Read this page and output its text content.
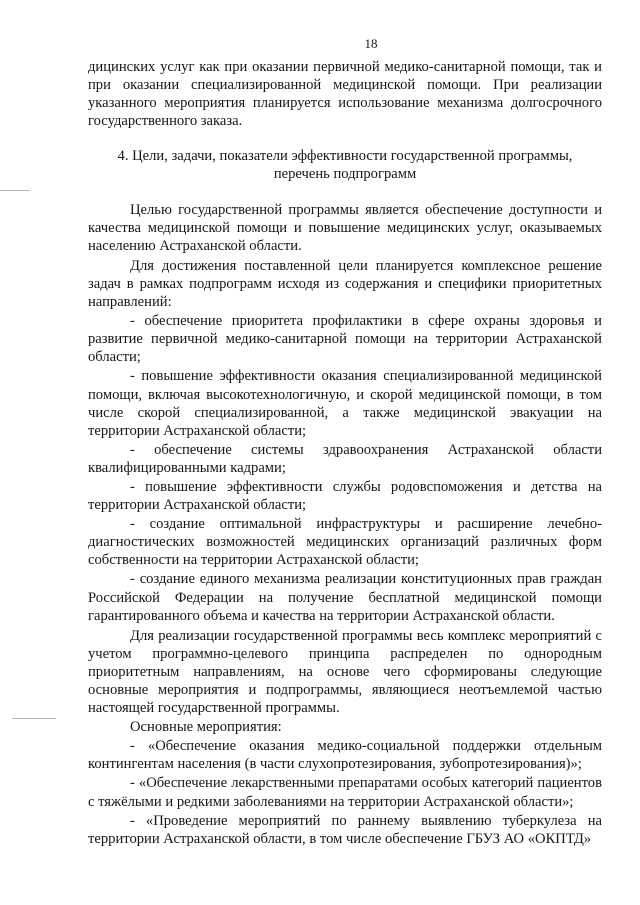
18

дицинских услуг как при оказании первичной медико-санитарной помощи, так и при оказании специализированной медицинской помощи. При реализации указанного мероприятия планируется использование механизма долгосрочного государственного заказа.

4. Цели, задачи, показатели эффективности государственной программы,
перечень подпрограмм

Целью государственной программы является обеспечение доступности и качества медицинской помощи и повышение медицинских услуг, оказываемых населению Астраханской области.

Для достижения поставленной цели планируется комплексное решение задач в рамках подпрограмм исходя из содержания и специфики приоритетных направлений:

- обеспечение приоритета профилактики в сфере охраны здоровья и развитие первичной медико-санитарной помощи на территории Астраханской области;

- повышение эффективности оказания специализированной медицинской помощи, включая высокотехнологичную, и скорой медицинской помощи, в том числе скорой специализированной, а также медицинской эвакуации на территории Астраханской области;

- обеспечение системы здравоохранения Астраханской области квалифицированными кадрами;

- повышение эффективности службы родовспоможения и детства на территории Астраханской области;

- создание оптимальной инфраструктуры и расширение лечебно-диагностических возможностей медицинских организаций различных форм собственности на территории Астраханской области;

- создание единого механизма реализации конституционных прав граждан Российской Федерации на получение бесплатной медицинской помощи гарантированного объема и качества на территории Астраханской области.

Для реализации государственной программы весь комплекс мероприятий с учетом программно-целевого принципа распределен по однородным приоритетным направлениям, на основе чего сформированы следующие основные мероприятия и подпрограммы, являющиеся неотъемлемой частью настоящей государственной программы.

Основные мероприятия:

- «Обеспечение оказания медико-социальной поддержки отдельным контингентам населения (в части слухопротезирования, зубопротезирования)»;

- «Обеспечение лекарственными препаратами особых категорий пациентов с тяжёлыми и редкими заболеваниями на территории Астраханской области»;

- «Проведение мероприятий по раннему выявлению туберкулеза на территории Астраханской области, в том числе обеспечение ГБУЗ АО «ОКПТД»
